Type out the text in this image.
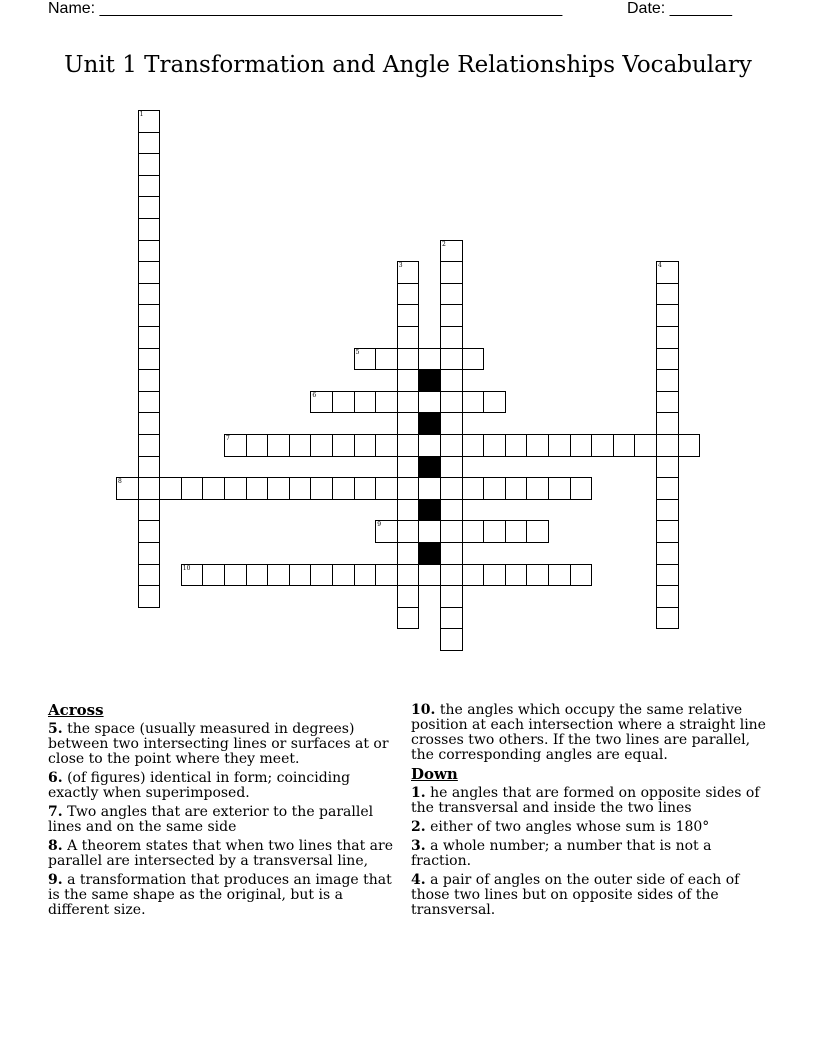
Name: ____________________________________________________	Date: _______
Unit 1 Transformation and Angle Relationships Vocabulary
1
2
3	4
5
6
7
8
9
10
Across
5. the space (usually measured in degrees) between two intersecting lines or surfaces at or close to the point where they meet.
6. (of figures) identical in form; coinciding exactly when superimposed.
7. Two angles that are exterior to the parallel lines and on the same side
8. A theorem states that when two lines that are parallel are intersected by a transversal line,
9. a transformation that produces an image that is the same shape as the original, but is a different size.
10. the angles which occupy the same relative position at each intersection where a straight line crosses two others. If the two lines are parallel, the corresponding angles are equal.
Down
1. he angles that are formed on opposite sides of the transversal and inside the two lines
2. either of two angles whose sum is 180°
3. a whole number; a number that is not a fraction.
4. a pair of angles on the outer side of each of those two lines but on opposite sides of the transversal.
